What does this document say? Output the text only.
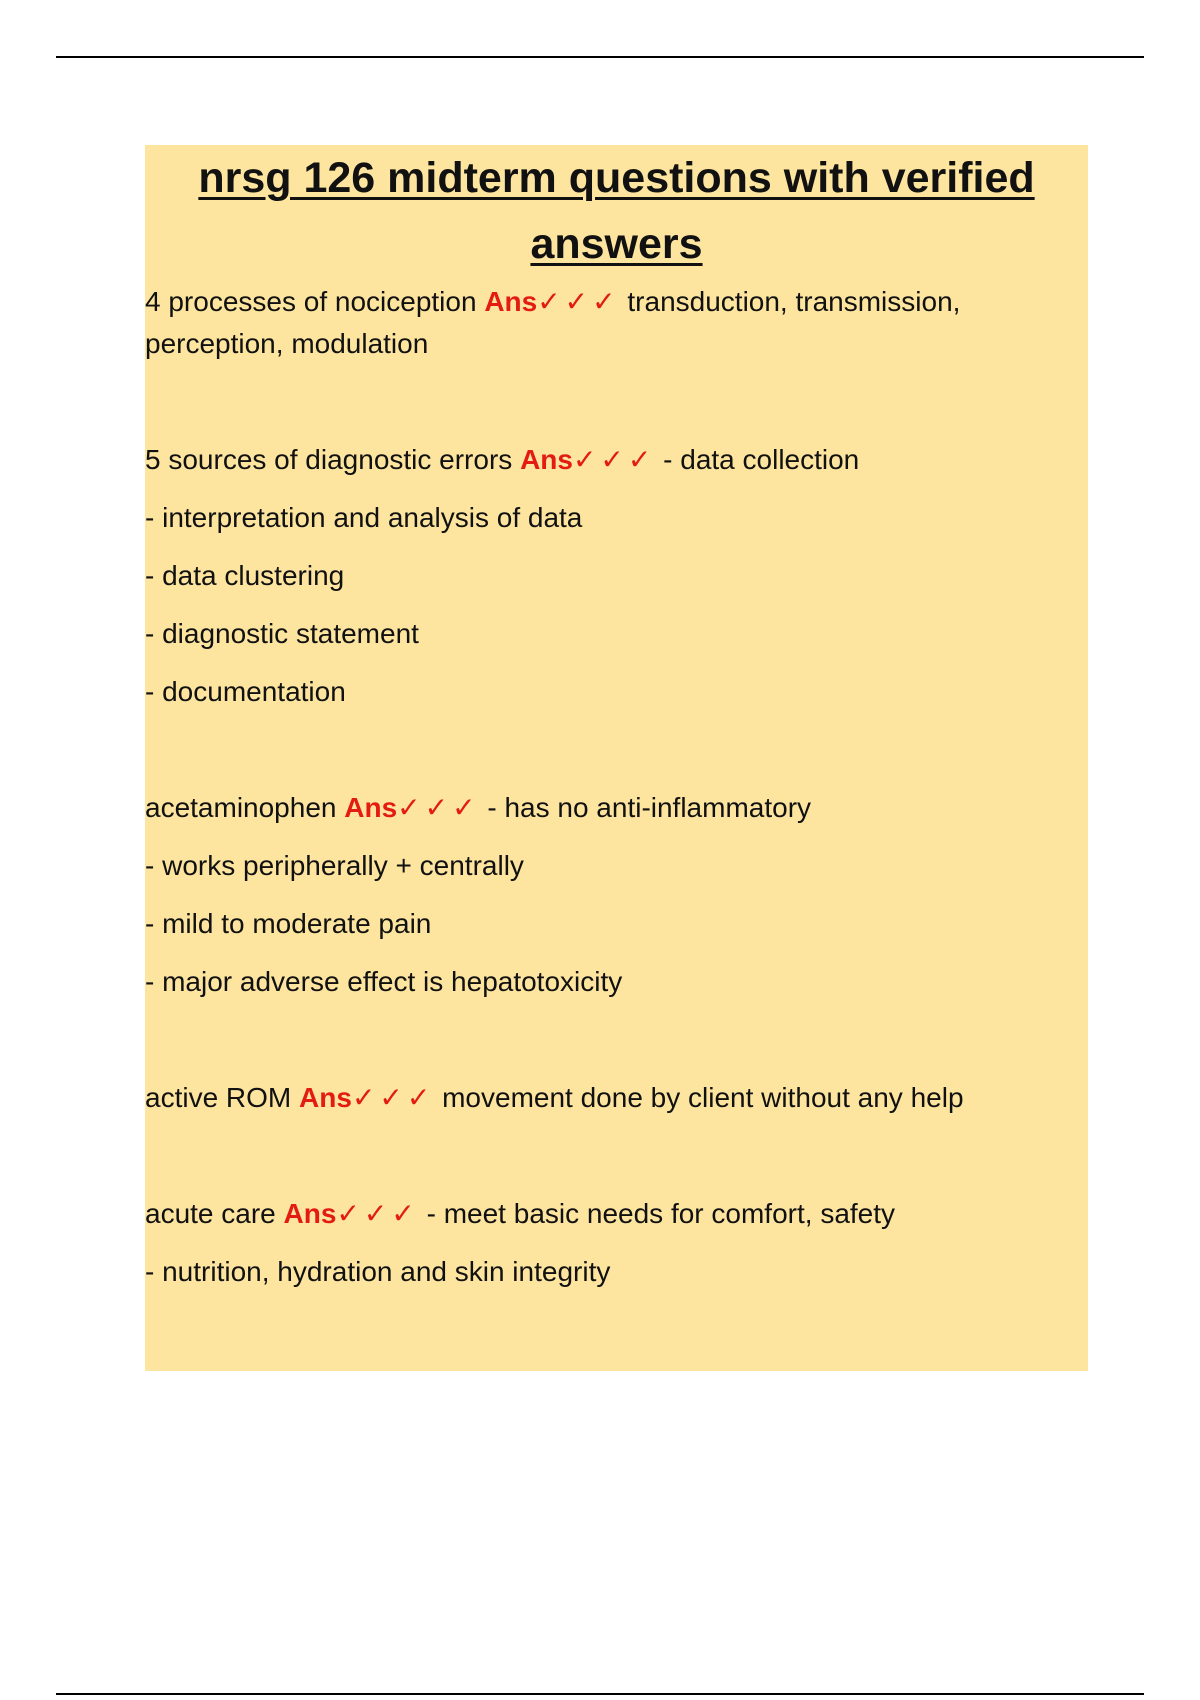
nrsg 126 midterm questions with verified answers

4 processes of nociception Ans✓✓✓ transduction, transmission, perception, modulation

5 sources of diagnostic errors Ans✓✓✓ - data collection

- interpretation and analysis of data

- data clustering

- diagnostic statement

- documentation

acetaminophen Ans✓✓✓ - has no anti-inflammatory

- works peripherally + centrally

- mild to moderate pain

- major adverse effect is hepatotoxicity

active ROM Ans✓✓✓ movement done by client without any help

acute care Ans✓✓✓ - meet basic needs for comfort, safety

- nutrition, hydration and skin integrity
